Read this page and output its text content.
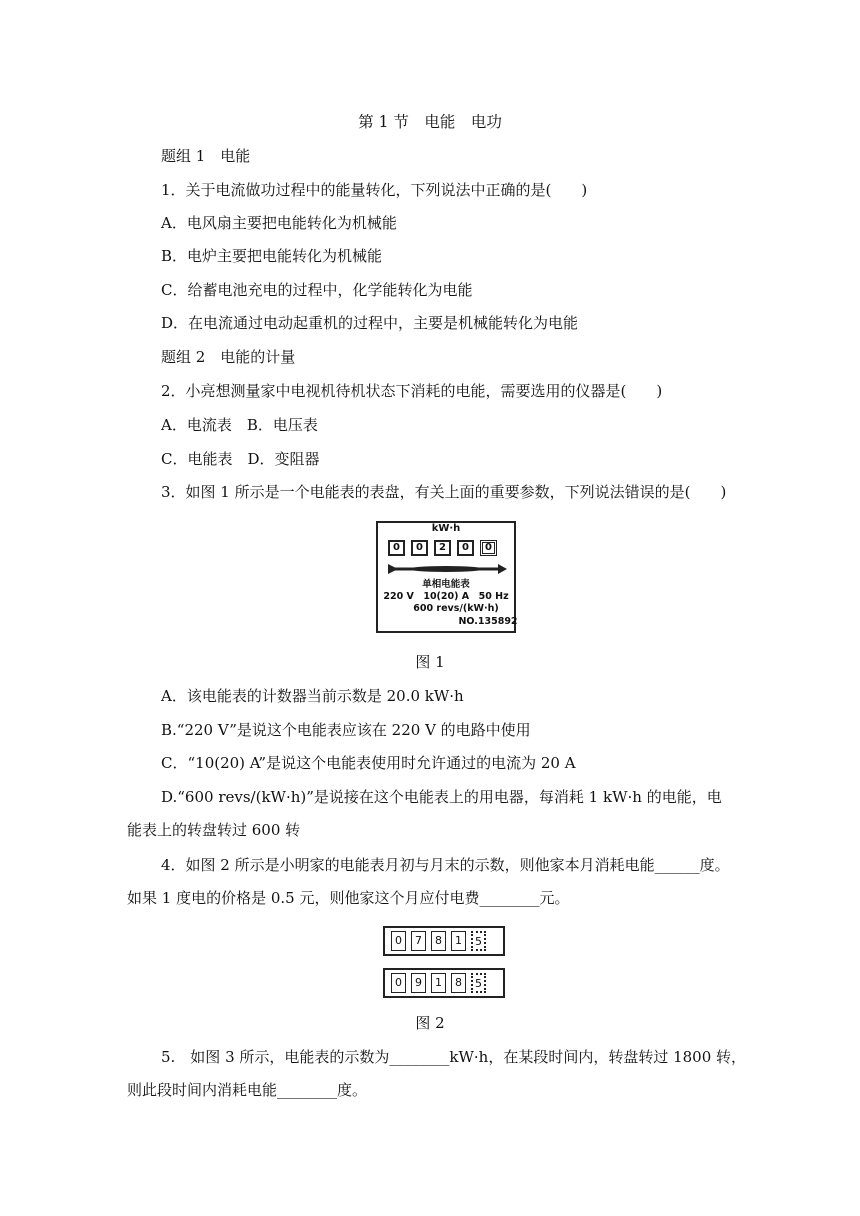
第 1 节　电能　电功
题组 1　电能
1．关于电流做功过程中的能量转化，下列说法中正确的是(　　)
A．电风扇主要把电能转化为机械能
B．电炉主要把电能转化为机械能
C．给蓄电池充电的过程中，化学能转化为电能
D．在电流通过电动起重机的过程中，主要是机械能转化为电能
题组 2　电能的计量
2．小亮想测量家中电视机待机状态下消耗的电能，需要选用的仪器是(　　)
A．电流表　B．电压表
C．电能表　D．变阻器
3．如图 1 所示是一个电能表的表盘，有关上面的重要参数，下列说法错误的是(　　)
kW·h
0	0	2	0	0
单相电能表
220 V　10(20) A　50 Hz
600 revs/(kW·h)
NO.135892
图 1
A．该电能表的计数器当前示数是 20.0 kW·h
B.“220 V”是说这个电能表应该在 220 V 的电路中使用
C．“10(20) A”是说这个电能表使用时允许通过的电流为 20 A
D.“600 revs/(kW·h)”是说接在这个电能表上的用电器，每消耗 1 kW·h 的电能，电
能表上的转盘转过 600 转
4．如图 2 所示是小明家的电能表月初与月末的示数，则他家本月消耗电能______度。
如果 1 度电的价格是 0.5 元，则他家这个月应付电费________元。
0	7	8	1	5
0	9	1	8	5
图 2
5.　如图 3 所示，电能表的示数为________kW·h，在某段时间内，转盘转过 1800 转，
则此段时间内消耗电能________度。
